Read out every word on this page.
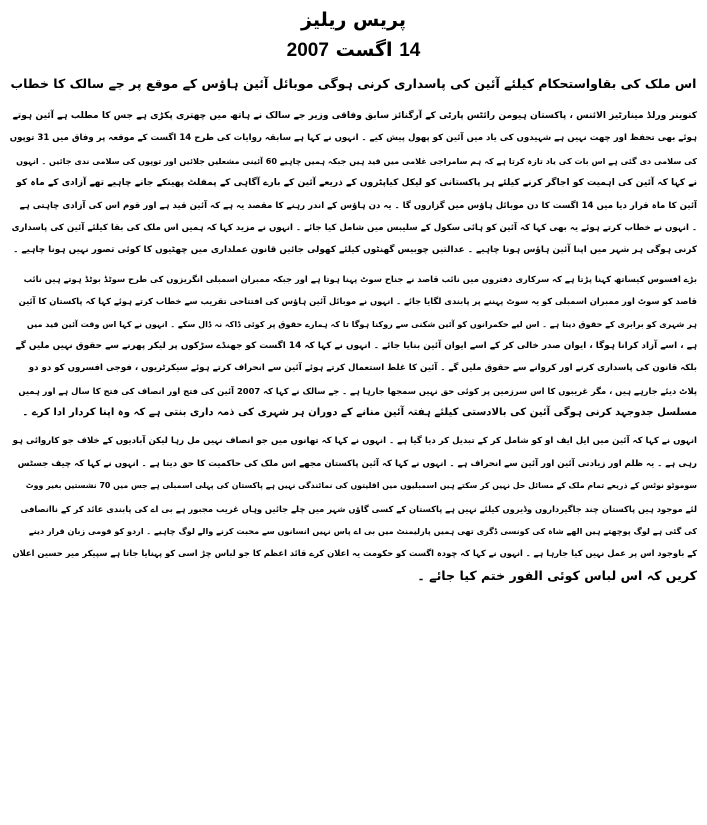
پریس ریلیز
14 اگست 2007
اس ملک کی بقاواستحکام کیلئے آئین کی پاسداری کرنی ہوگی موبائل آئین ہاؤس کے موقع پر جے سالک کا خطاب
کنوینر ورلڈ مینارٹیز الائنس ، پاکستان ہیومن رائٹس پارٹی کے آرگنائز سابق وفاقی وزیر جے سالک نے ہاتھ میں چھتری پکڑی ہے جس کا مطلب ہے آئین ہوتے
ہوئے بھی تحفظ اور چھت نہیں ہے شہیدوں کی یاد میں آئین کو پھول پیش کیے ۔ انہوں نے کہا ہے سابقہ روایات کی طرح 14 اگست کے موقعہ پر وفاق میں 31 توپوں
کی سلامی دی گئی ہے اس بات کی یاد تازہ کرتا ہے کہ ہم سامراجی غلامی میں قید ہیں جبکہ ہمیں چاہیے 60 آئینی مشعلیں جلائیں اور توپوں کی سلامی ندی جائیں ۔ انہوں
نے کہا کہ آئین کی اہمیت کو اجاگر کرنے کیلئے ہر پاکستانی کو لیکل کیاپٹروں کے ذریعے آئین کے بارے آگاہی کے پمفلٹ پھینکے جانے چاہیے تھے آزادی کے ماہ کو
آئین کا ماہ قرار دیا میں 14 اگست کا دن موبائل ہاؤس میں گزاروں گا ۔ یہ دن ہاؤس کے اندر رہنے کا مقصد یہ ہے کہ آئین قید ہے اور قوم اس کی آزادی چاہتی ہے
۔ انہوں نے خطاب کرتے ہوئے یہ بھی کہا کہ آئین کو ہائی سکول کے سلیبس میں شامل کیا جائے ۔ انہوں نے مزید کہا کہ ہمیں اس ملک کی بقا کیلئے آئین کی پاسداری
کرنی ہوگی ہر شہر میں اپنا آئین ہاؤس ہونا چاہیے ۔ عدالتیں چوبیس گھنٹوں کیلئے کھولی جائیں قانون عملداری میں چھٹیوں کا کوئی تصور نہیں ہونا چاہیے ۔
بڑے افسوس کیساتھ کہنا پڑتا ہے کہ سرکاری دفتروں میں نائب قاصد نے جناح سوٹ پہنا ہوتا ہے اور جبکہ ممبران اسمبلی انگریزوں کی طرح سوٹڈ بوٹڈ ہوتے ہیں نائب
قاصد کو سوٹ اور ممبران اسمبلی کو یہ سوٹ پہننے پر پابندی لگایا جائے ۔ انہوں نے موبائل آئین ہاؤس کی افتتاحی تقریب سے خطاب کرتے ہوئے کہا کہ پاکستان کا آئین
ہر شہری کو برابری کے حقوق دیتا ہے ۔ اس لیے حکمرانوں کو آئین شکنی سے روکنا ہوگا تا کہ ہمارے حقوق پر کوئی ڈاکہ نہ ڈال سکے ۔ انہوں نے کہا اس وقت آئین قید میں
ہے ، اسے آزاد کرانا ہوگا ، ایوان صدر خالی کر کے اسے ایوان آئین بنایا جائے ۔ انہوں نے کہا کہ 14 اگست کو جھنڈے سڑکوں پر لیکر پھرنے سے حقوق نہیں ملیں گے
بلکہ قانون کی پاسداری کرنے اور کروانے سے حقوق ملیں گے ۔ آئین کا غلط استعمال کرتے ہوئے آئین سے انحراف کرتے ہوئے سیکرٹریوں ، فوجی افسروں کو دو دو
پلاٹ دیئے جارہے ہیں ، مگر غریبوں کا اس سرزمین پر کوئی حق نہیں سمجھا جارہا ہے ۔ جے سالک نے کہا کہ 2007 آئین کی فتح اور انصاف کی فتح کا سال ہے اور ہمیں
مسلسل جدوجہد کرنی ہوگی آئین کی بالادستی کیلئے ہفتہ آئین منانے کے دوران ہر شہری کی ذمہ داری بنتی ہے کہ وہ اپنا کردار ادا کرے ۔
انہوں نے کہا کہ آئین میں ایل ایف او کو شامل کر کے تبدیل کر دیا گیا ہے ۔ انہوں نے کہا کہ تھانوں میں جو انصاف نہیں مل رہا لیکن آبادیوں کے خلاف جو کاروائی ہو
رہی ہے ۔ یہ ظلم اور زیادتی آئین اور آئین سے انحراف ہے ۔ انہوں نے کہا کہ آئین پاکستان مجھے اس ملک کی حاکمیت کا حق دیتا ہے ۔ انہوں نے کہا کہ چیف جسٹس
سوموٹو نوٹس کے ذریعے تمام ملک کے مسائل حل نہیں کر سکتے ہیں اسمبلیوں میں اقلیتوں کی نمائندگی نہیں ہے پاکستان کی پہلی اسمبلی ہے جس میں 70 نشستیں بغیر ووٹ
لئے موجود ہیں پاکستان چند جاگیرداروں وڈیروں کیلئے نہیں ہے پاکستان کے کسی گاؤں شہر میں چلے جائیں وہاں غریب مجبور ہے بی اے کی پابندی عائد کر کے ناانصافی
کی گئی ہے لوگ پوچھتے ہیں الھے شاہ کی کونسی ڈگری تھی ہمیں پارلیمنٹ میں بی اے پاس نہیں انسانوں سے محبت کرنے والے لوگ چاہیے ۔ اردو کو قومی زبان قرار دینے
کے باوجود اس پر عمل نہیں کیا جارہا ہے ۔ انہوں نے کہا کہ چودہ اگست کو حکومت یہ اعلان کرے قائد اعظم کا جو لباس چڑ اسی کو پہنایا جاتا ہے سپیکر میر حسین اعلان
کریں کہ اس لباس کوئی الفور ختم کیا جائے ۔
